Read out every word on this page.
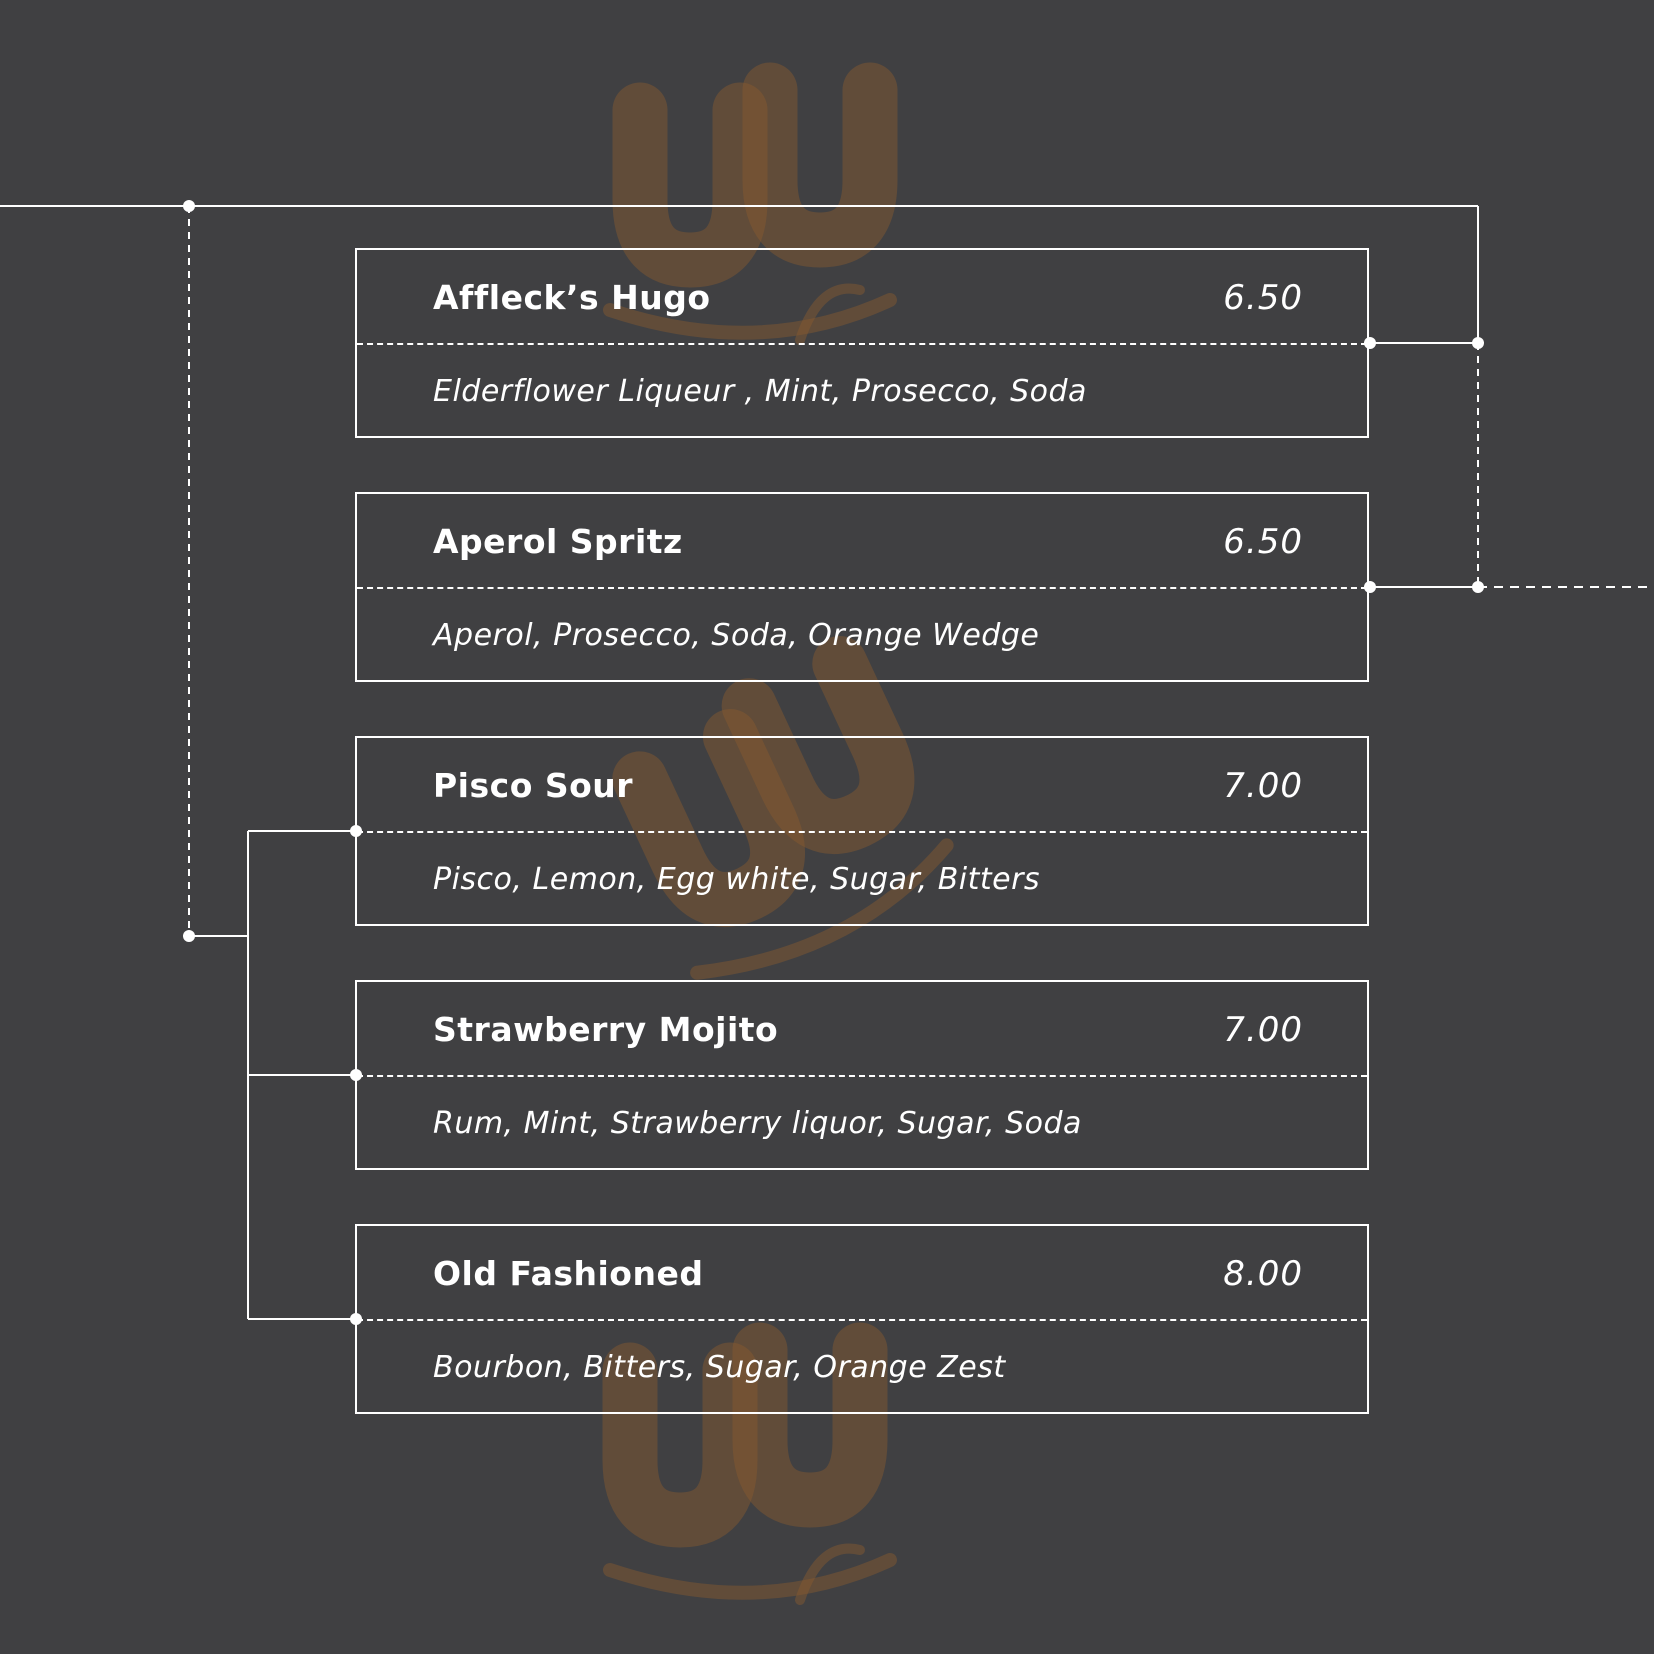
Affleck’s Hugo	6.50
Elderflower Liqueur , Mint, Prosecco, Soda
Aperol Spritz	6.50
Aperol, Prosecco, Soda, Orange Wedge
Pisco Sour	7.00
Pisco, Lemon, Egg white, Sugar, Bitters
Strawberry Mojito	7.00
Rum, Mint, Strawberry liquor, Sugar, Soda
Old Fashioned	8.00
Bourbon, Bitters, Sugar, Orange Zest
